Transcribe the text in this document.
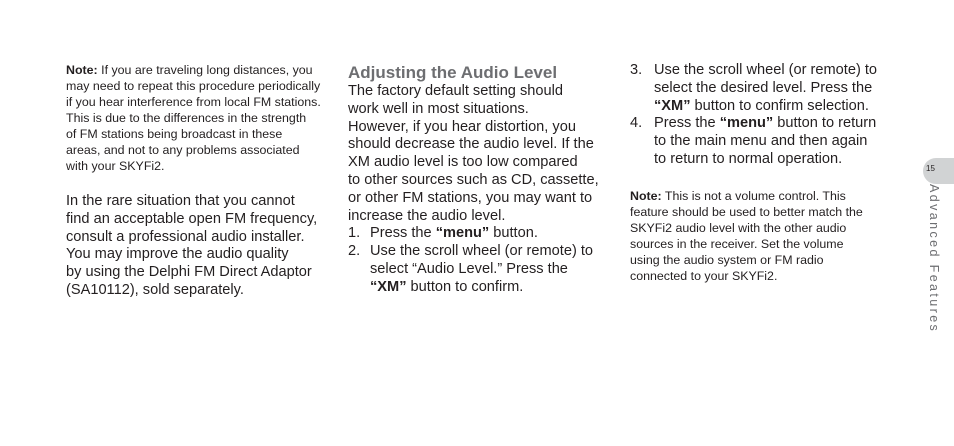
Note: If you are traveling long distances, you
may need to repeat this procedure periodically
if you hear interference from local FM stations.
This is due to the differences in the strength
of FM stations being broadcast in these
areas, and not to any problems associated
with your SKYFi2.
In the rare situation that you cannot
find an acceptable open FM frequency,
consult a professional audio installer.
You may improve the audio quality
by using the Delphi FM Direct Adaptor
(SA10112), sold separately.
Adjusting the Audio Level
The factory default setting should
work well in most situations.
However, if you hear distortion, you
should decrease the audio level. If the
XM audio level is too low compared
to other sources such as CD, cassette,
or other FM stations, you may want to
increase the audio level.
1. Press the “menu” button.
2. Use the scroll wheel (or remote) to
select “Audio Level.” Press the
“XM” button to confirm.
3. Use the scroll wheel (or remote) to
select the desired level. Press the
“XM” button to confirm selection.
4. Press the “menu” button to return
to the main menu and then again
to return to normal operation.
Note: This is not a volume control. This
feature should be used to better match the
SKYFi2 audio level with the other audio
sources in the receiver. Set the volume
using the audio system or FM radio
connected to your SKYFi2.
15
Advanced Features
